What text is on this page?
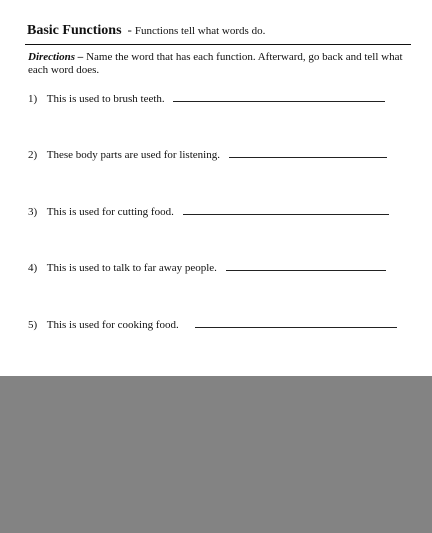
Basic Functions - Functions tell what words do.
Directions – Name the word that has each function. Afterward, go back and tell what each word does.
1) This is used to brush teeth.
2) These body parts are used for listening.
3) This is used for cutting food.
4) This is used to talk to far away people.
5) This is used for cooking food.
